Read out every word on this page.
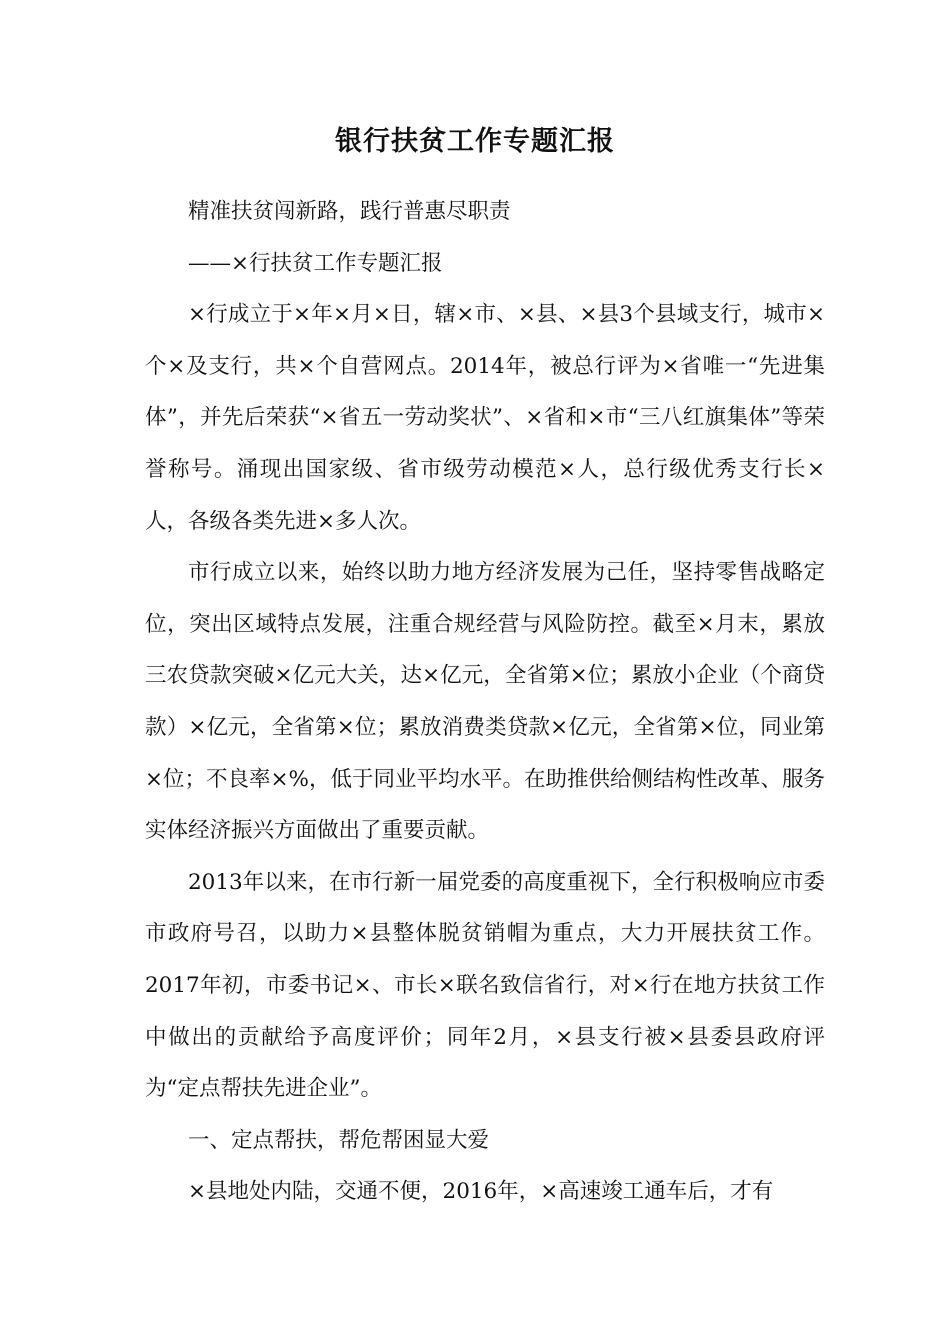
银行扶贫工作专题汇报

精准扶贫闯新路，践行普惠尽职责

——×行扶贫工作专题汇报

×行成立于×年×月×日，辖×市、×县、×县3个县域支行，城市×个×及支行，共×个自营网点。2014年，被总行评为×省唯一“先进集体”，并先后荣获“×省五一劳动奖状”、×省和×市“三八红旗集体”等荣誉称号。涌现出国家级、省市级劳动模范×人，总行级优秀支行长×人，各级各类先进×多人次。

市行成立以来，始终以助力地方经济发展为己任，坚持零售战略定位，突出区域特点发展，注重合规经营与风险防控。截至×月末，累放三农贷款突破×亿元大关，达×亿元，全省第×位；累放小企业（个商贷款）×亿元，全省第×位；累放消费类贷款×亿元，全省第×位，同业第×位；不良率×%，低于同业平均水平。在助推供给侧结构性改革、服务实体经济振兴方面做出了重要贡献。

2013年以来，在市行新一届党委的高度重视下，全行积极响应市委市政府号召，以助力×县整体脱贫销帽为重点，大力开展扶贫工作。2017年初，市委书记×、市长×联名致信省行，对×行在地方扶贫工作中做出的贡献给予高度评价；同年2月，×县支行被×县委县政府评为“定点帮扶先进企业”。

一、定点帮扶，帮危帮困显大爱

×县地处内陆，交通不便，2016年，×高速竣工通车后，才有
